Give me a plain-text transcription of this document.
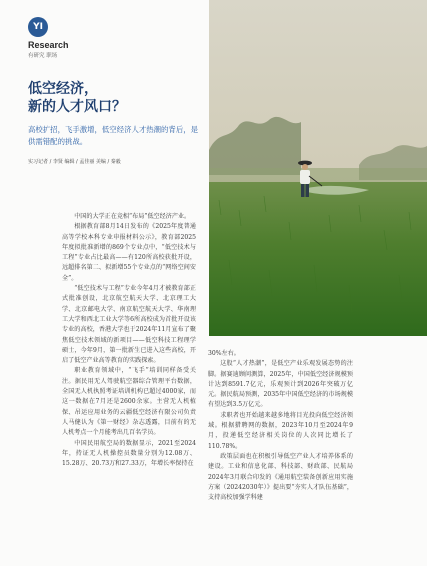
YI
Research
有研究 职场
低空经济，
新的人才风口？

高校扩招，飞手激增，低空经济人才热潮的背后，是供需错配的挑战。

实习记者 / 李贤 编辑 / 孟佳丽 美编 / 秦毅

中国的大学正在竞相“布局”低空经济产业。

根据教育部8月14日发布的《2025年度普通高等学校本科专业申报材料公示》，教育部2025年度拟批准新增的869个专业点中，“低空技术与工程”专业占比最高——有120所高校获批开设，远超排名第二、拟新增55个专业点的“网络空间安全”。

“低空技术与工程”专业今年4月才被教育部正式批准创设，北京航空航天大学、北京理工大学、北京邮电大学、南京航空航天大学、华南理工大学和西北工业大学等6所高校成为首批开设该专业的高校，香港大学也于2024年11月宣布了聚焦低空技术领域的新项目——低空科技工程理学硕士，今年9月，第一批新生已进入这些高校，开启了低空产业高等教育的实践探索。

职业教育领域中，“飞手”培训同样备受关注。据民用无人驾驶航空器综合管理平台数据，全国无人机执照考证培训机构已超过4000家，而这一数据在7月还是2600余家。主营无人机植保、吊运应用业务的云疆低空经济有限公司负责人马健认为《第一财经》杂志透露，目前有的无人机考点一个月能考出几百名学员。

中国民用航空局的数据显示，2021至2024年，持证无人机操控员数量分别为12.08万、15.28万、20.73万和27.33万，年增长率保持在

30%左右。

这股“人才热潮”，是低空产业乐观发展态势的注脚。据赛迪顾问测算，2025年，中国低空经济规模预计达到8591.7亿元，乐观预计到2026年突破万亿元。据民航局预测，2035年中国低空经济的市场规模有望达到3.5万亿元。

求职者也开始越来越多地将目光投向低空经济领域。根据猎聘网的数据，2023年10月至2024年9月，投递低空经济相关岗位的人次同比增长了110.78%。

政策层面也在积极引导低空产业人才培养体系的建设。工业和信息化部、科技部、财政部、民航局2024年3月联合印发的《通用航空装备创新应用实施方案（20242030年）》提出要“夯实人才队伍基础”，支持高校加强学科建
